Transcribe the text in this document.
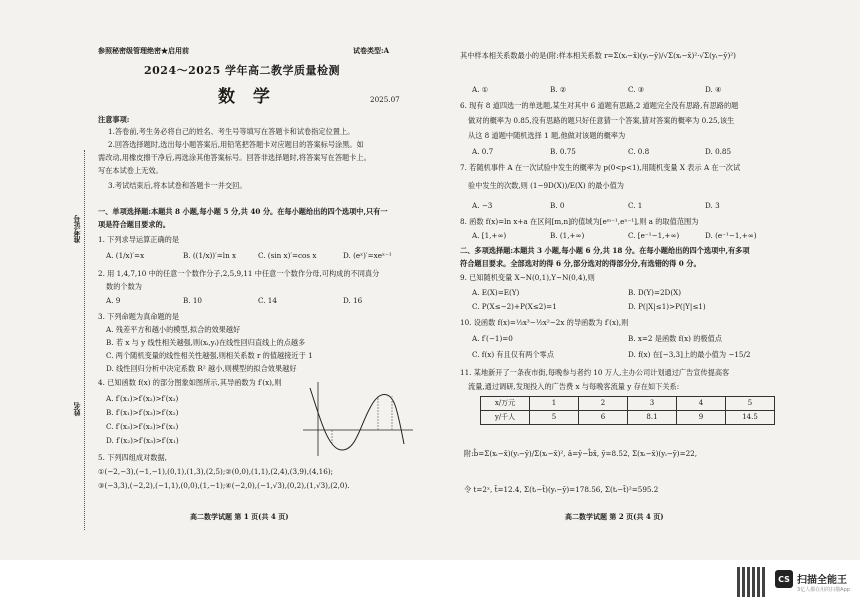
准考证号
姓名
参照秘密级管理绝密★启用前	试卷类型:A
2024～2025 学年高二教学质量检测
数 学	2025.07
注意事项:
1.答卷前,考生务必将自己的姓名、考生号等填写在答题卡和试卷指定位置上。
2.回答选择题时,选出每小题答案后,用铅笔把答题卡对应题目的答案标号涂黑。如
需改动,用橡皮擦干净后,再选涂其他答案标号。回答非选择题时,将答案写在答题卡上。
写在本试卷上无效。
3.考试结束后,将本试卷和答题卡一并交回。
一、单项选择题:本题共 8 小题,每小题 5 分,共 40 分。在每小题给出的四个选项中,只有一
项是符合题目要求的。
1. 下列求导运算正确的是
A. (1/x)′=x	B. ((1/x))′=ln x	C. (sin x)′=cos x	D. (eˣ)′=xeˣ⁻¹
2. 用 1,4,7,10 中的任意一个数作分子,2,5,9,11 中任意一个数作分母,可构成的不同真分
数的个数为
A. 9	B. 10	C. 14	D. 16
3. 下列命题为真命题的是
A. 残差平方和越小的模型,拟合的效果越好
B. 若 x 与 y 线性相关越强,则(xᵢ,yᵢ)在线性回归直线上的点越多
C. 两个随机变量的线性相关性越强,则相关系数 r 的值越接近于 1
D. 线性回归分析中决定系数 R² 越小,则模型的拟合效果越好
4. 已知函数 f(x) 的部分图象如图所示,其导函数为 f′(x),则
A. f′(x₁)>f′(x₂)>f′(x₃)
B. f′(x₁)>f′(x₃)>f′(x₂)
C. f′(x₃)>f′(x₂)>f′(x₁)
D. f′(x₂)>f′(x₃)>f′(x₁)
5. 下列四组成对数据,
①(−2,−3),(−1,−1),(0,1),(1,3),(2,5);②(0,0),(1,1),(2,4),(3,9),(4,16);
③(−3,3),(−2,2),(−1,1),(0,0),(1,−1);④(−2,0),(−1,√3),(0,2),(1,√3),(2,0).
高二数学试题 第 1 页(共 4 页)
其中样本相关系数最小的是(附:样本相关系数 r=Σ(xᵢ−x̄)(yᵢ−ȳ)/√Σ(xᵢ−x̄)²·√Σ(yᵢ−ȳ)²)
A. ①	B. ②	C. ③	D. ④
6. 现有 8 道四选一的单选题,某生对其中 6 道题有思路,2 道题完全没有思路,有思路的题
做对的概率为 0.85,没有思路的题只好任意猜一个答案,猜对答案的概率为 0.25,该生
从这 8 道题中随机选择 1 题,他做对该题的概率为
A. 0.7	B. 0.75	C. 0.8	D. 0.85
7. 若随机事件 A 在一次试验中发生的概率为 p(0<p<1),用随机变量 X 表示 A 在一次试
验中发生的次数,则 (1−9D(X))/E(X) 的最小值为
A. −3	B. 0	C. 1	D. 3
8. 函数 f(x)=ln x+a 在区间[m,n]的值域为[eᵐ⁻¹,eⁿ⁻¹],则 a 的取值范围为
A. [1,+∞)	B. (1,+∞)	C. [e⁻¹−1,+∞)	D. (e⁻¹−1,+∞)
二、多项选择题:本题共 3 小题,每小题 6 分,共 18 分。在每小题给出的四个选项中,有多项
符合题目要求。全部选对的得 6 分,部分选对的得部分分,有选错的得 0 分。
9. 已知随机变量 X∼N(0,1),Y∼N(0,4),则
A. E(X)=E(Y)	B. D(Y)=2D(X)
C. P(X≤−2)+P(X≤2)=1	D. P(|X|≤1)>P(|Y|≤1)
10. 设函数 f(x)=⅓x³−½x²−2x 的导函数为 f′(x),则
A. f′(−1)=0	B. x=2 是函数 f(x) 的极值点
C. f(x) 有且仅有两个零点	D. f(x) 在[−3,3]上的最小值为 −15/2
11. 某地新开了一条夜市街,每晚参与者约 10 万人,主办公司计划通过广告宣传提高客
流量,通过调研,发现投入的广告费 x 与每晚客流量 y 存在如下关系:
x/万元	1	2	3	4	5
y/千人	5	6	8.1	9	14.5
附:b̂=Σ(xᵢ−x̄)(yᵢ−ȳ)/Σ(xᵢ−x̄)², â=ȳ−b̂x̄, ȳ=8.52, Σ(xᵢ−x̄)(yᵢ−ȳ)=22,
令 t=2ˣ, t̄=12.4, Σ(tᵢ−t̄)(yᵢ−ȳ)=178.56, Σ(tᵢ−t̄)²=595.2
高二数学试题 第 2 页(共 4 页)
CS 扫描全能王
3亿人都在用的扫描App
